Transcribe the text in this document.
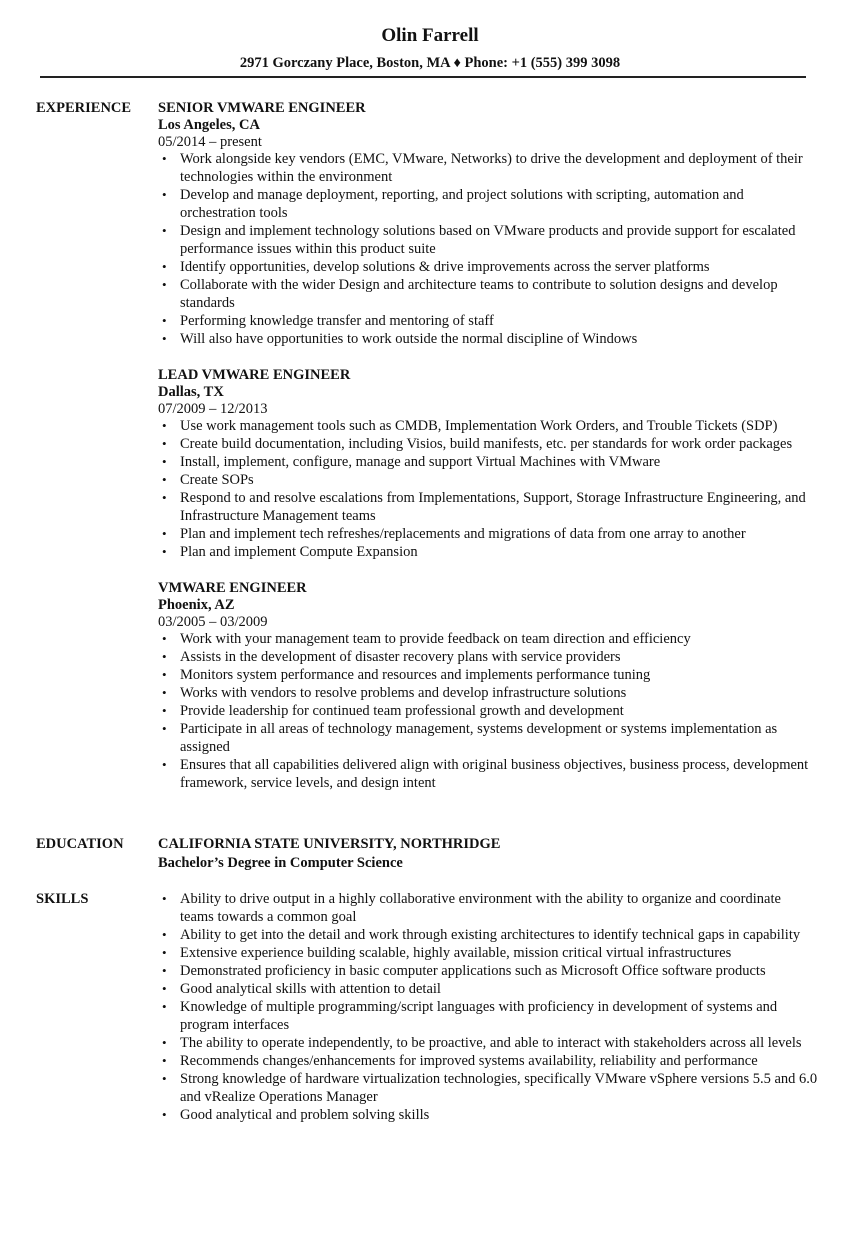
Olin Farrell
2971 Gorczany Place, Boston, MA ♦ Phone: +1 (555) 399 3098
EXPERIENCE SENIOR VMWARE ENGINEER
Los Angeles, CA
05/2014 – present
• Work alongside key vendors (EMC, VMware, Networks) to drive the development and deployment of their technologies within the environment
• Develop and manage deployment, reporting, and project solutions with scripting, automation and orchestration tools
• Design and implement technology solutions based on VMware products and provide support for escalated performance issues within this product suite
• Identify opportunities, develop solutions & drive improvements across the server platforms
• Collaborate with the wider Design and architecture teams to contribute to solution designs and develop standards
• Performing knowledge transfer and mentoring of staff
• Will also have opportunities to work outside the normal discipline of Windows
LEAD VMWARE ENGINEER
Dallas, TX
07/2009 – 12/2013
• Use work management tools such as CMDB, Implementation Work Orders, and Trouble Tickets (SDP)
• Create build documentation, including Visios, build manifests, etc. per standards for work order packages
• Install, implement, configure, manage and support Virtual Machines with VMware
• Create SOPs
• Respond to and resolve escalations from Implementations, Support, Storage Infrastructure Engineering, and Infrastructure Management teams
• Plan and implement tech refreshes/replacements and migrations of data from one array to another
• Plan and implement Compute Expansion
VMWARE ENGINEER
Phoenix, AZ
03/2005 – 03/2009
• Work with your management team to provide feedback on team direction and efficiency
• Assists in the development of disaster recovery plans with service providers
• Monitors system performance and resources and implements performance tuning
• Works with vendors to resolve problems and develop infrastructure solutions
• Provide leadership for continued team professional growth and development
• Participate in all areas of technology management, systems development or systems implementation as assigned
• Ensures that all capabilities delivered align with original business objectives, business process, development framework, service levels, and design intent
EDUCATION CALIFORNIA STATE UNIVERSITY, NORTHRIDGE
Bachelor’s Degree in Computer Science
SKILLS	• Ability to drive output in a highly collaborative environment with the ability to organize and coordinate teams towards a common goal
• Ability to get into the detail and work through existing architectures to identify technical gaps in capability
• Extensive experience building scalable, highly available, mission critical virtual infrastructures
• Demonstrated proficiency in basic computer applications such as Microsoft Office software products
• Good analytical skills with attention to detail
• Knowledge of multiple programming/script languages with proficiency in development of systems and program interfaces
• The ability to operate independently, to be proactive, and able to interact with stakeholders across all levels
• Recommends changes/enhancements for improved systems availability, reliability and performance
• Strong knowledge of hardware virtualization technologies, specifically VMware vSphere versions 5.5 and 6.0 and vRealize Operations Manager
• Good analytical and problem solving skills
